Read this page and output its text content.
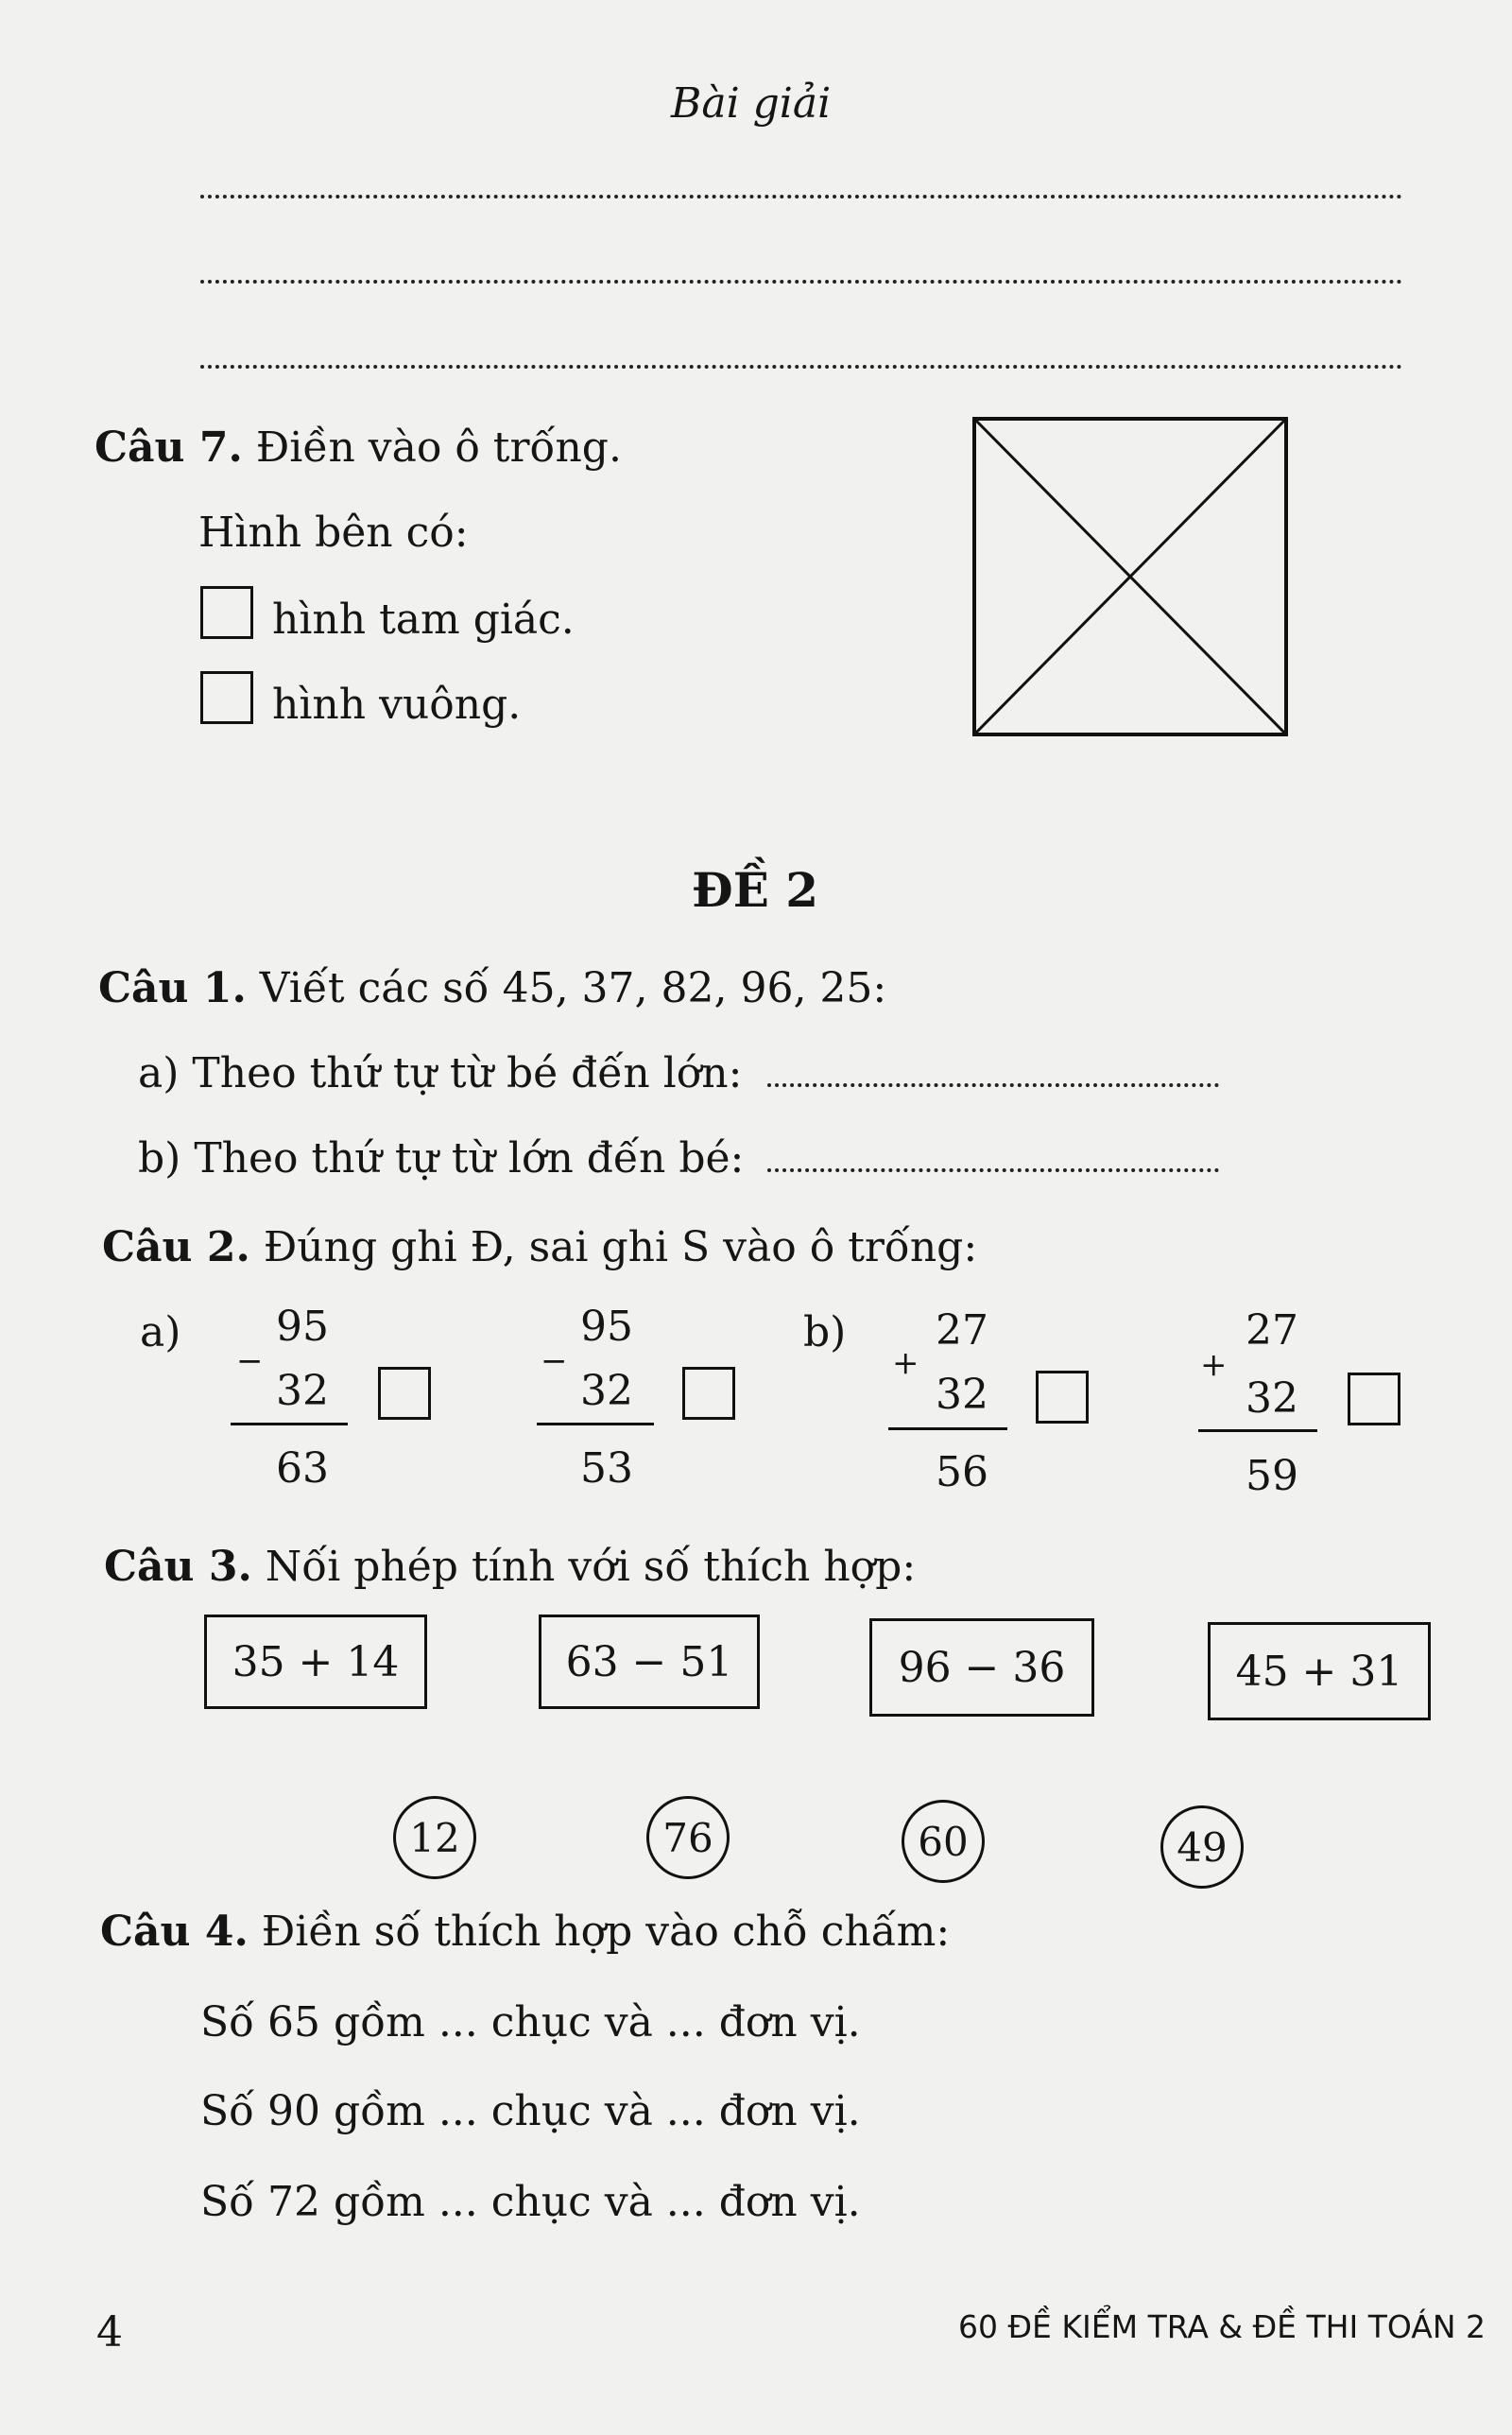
Bài giải
Câu 7. Điền vào ô trống.
Hình bên có:
hình tam giác.
hình vuông.
ĐỀ 2
Câu 1. Viết các số 45, 37, 82, 96, 25:
a) Theo thứ tự từ bé đến lớn:
b) Theo thứ tự từ lớn đến bé:
Câu 2. Đúng ghi Đ, sai ghi S vào ô trống:
a)	b)
95
−
32
63
95
−
32
53
27
+
32
56
27
+
32
59
Câu 3. Nối phép tính với số thích hợp:
35 + 14	63 − 51	96 − 36	45 + 31
12	76	60	49
Câu 4. Điền số thích hợp vào chỗ chấm:
Số 65 gồm ... chục và ... đơn vị.
Số 90 gồm ... chục và ... đơn vị.
Số 72 gồm ... chục và ... đơn vị.
4	60 ĐỀ KIỂM TRA & ĐỀ THI TOÁN 2
